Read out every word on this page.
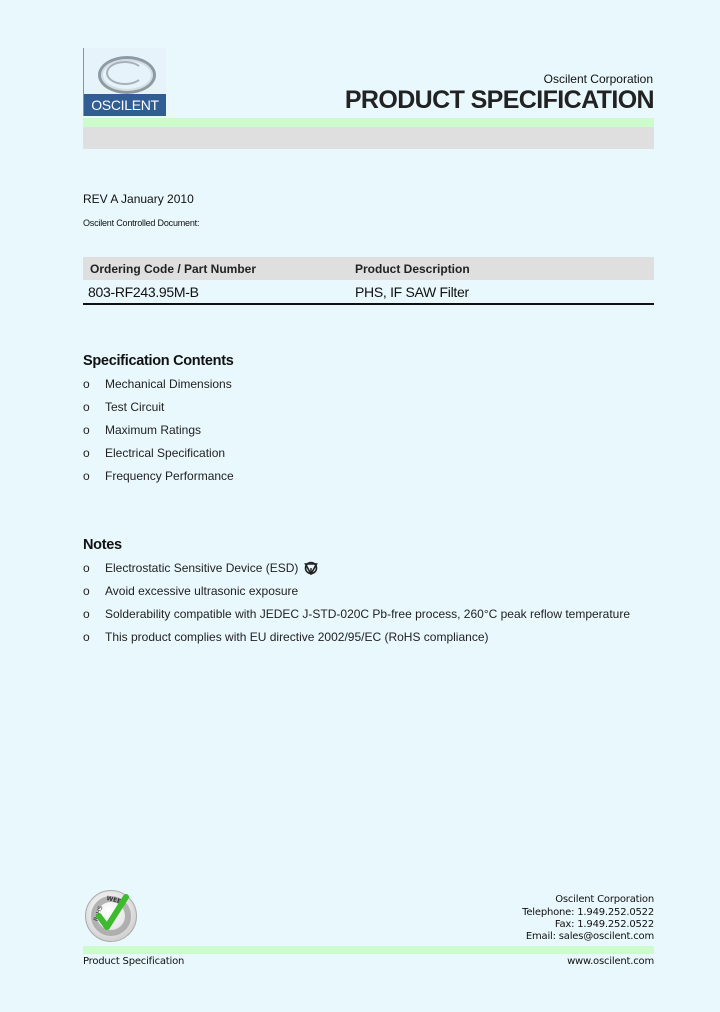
OSCILENT
Oscilent Corporation
PRODUCT SPECIFICATION
REV A January 2010
Oscilent Controlled Document:
Ordering Code / Part Number	Product Description
803-RF243.95M-B	PHS, IF SAW Filter
Specification Contents
o Mechanical Dimensions
o Test Circuit
o Maximum Ratings
o Electrical Specification
o Frequency Performance
Notes
o Electrostatic Sensitive Device (ESD)
o Avoid excessive ultrasonic exposure
o Solderability compatible with JEDEC J-STD-020C Pb-free process, 260°C peak reflow temperature
o This product complies with EU directive 2002/95/EC (RoHS compliance)
RoHS
WEEE	Oscilent Corporation
Telephone: 1.949.252.0522
Fax: 1.949.252.0522
Email: sales@oscilent.com
Product Specification	www.oscilent.com
